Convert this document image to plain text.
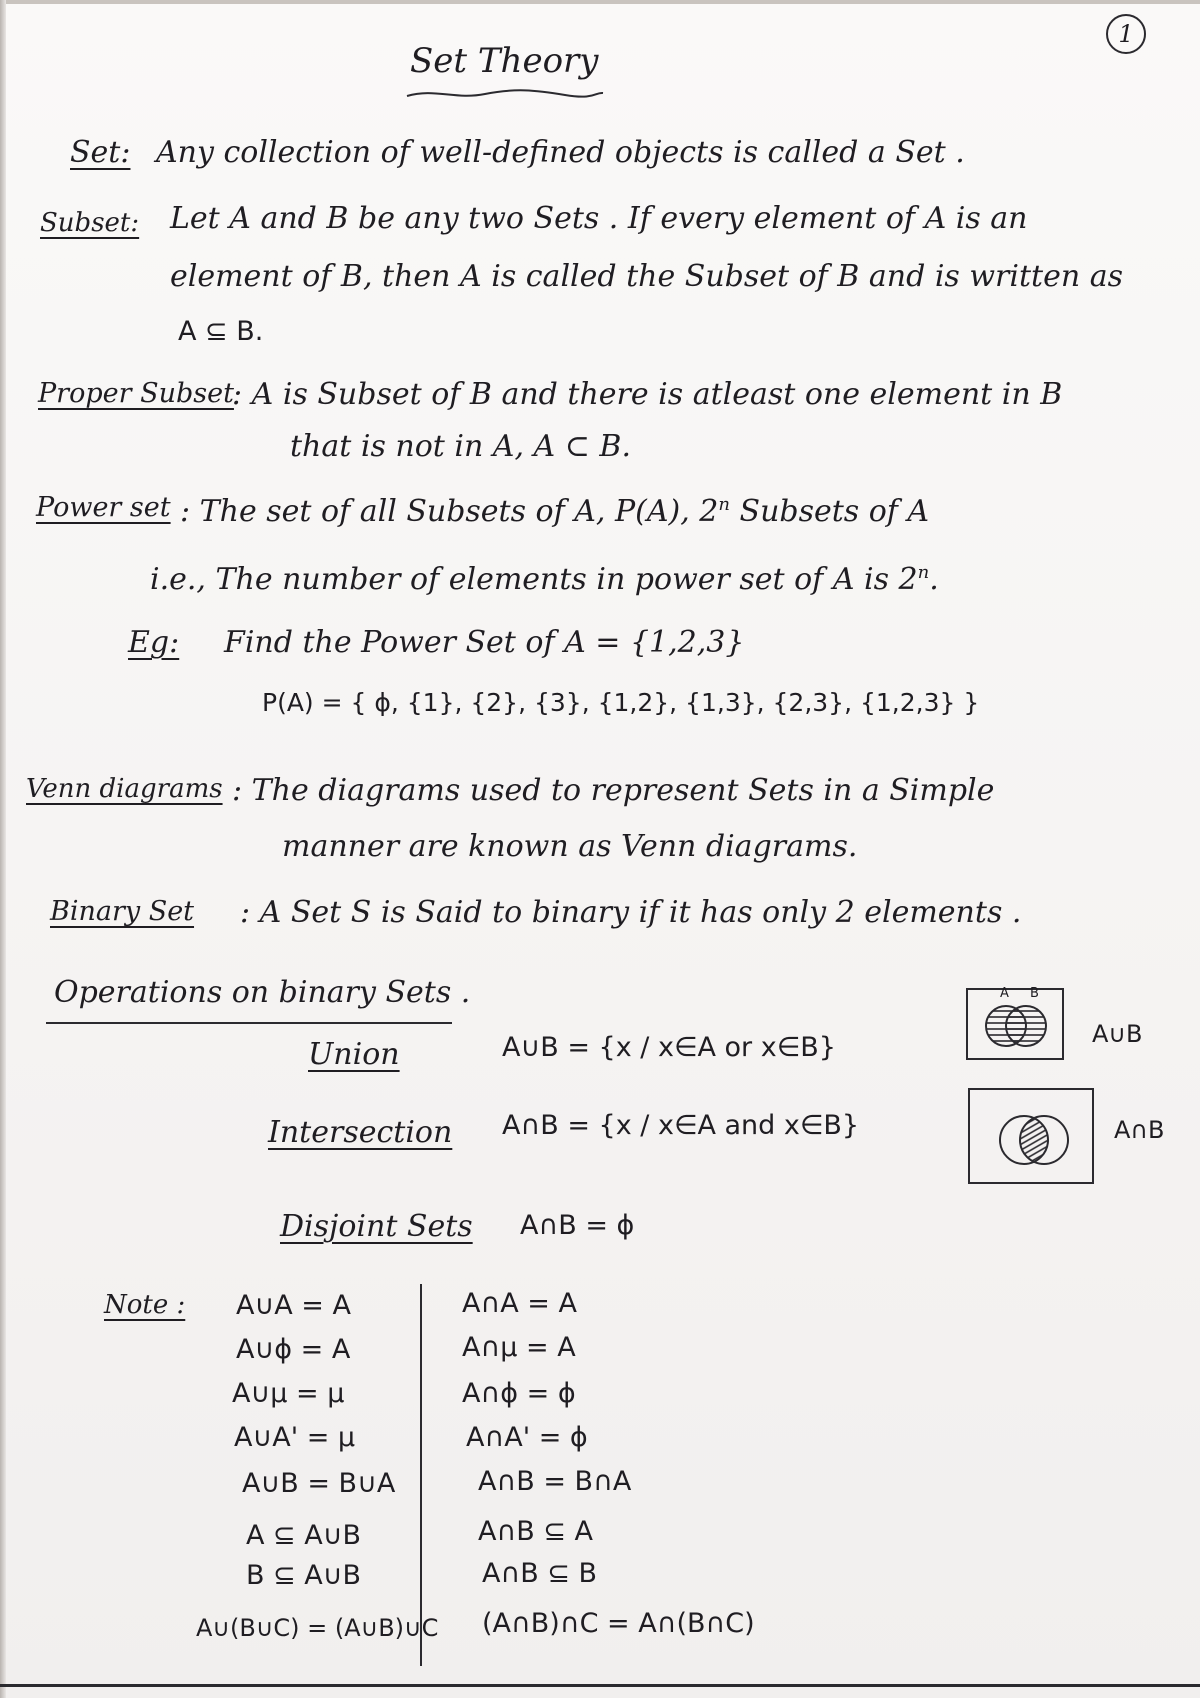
1
Set Theory
Set: Any collection of well-defined objects is called a Set .
Subset: Let A and B be any two Sets . If every element of A is an
element of B, then A is called the Subset of B and is written as
A ⊆ B.
Proper Subset
: A is Subset of B and there is atleast one element in B
that is not in A, A ⊂ B.
Power set : The set of all Subsets of A, P(A), 2$^n$ Subsets of A
i.e., The number of elements in power set of A is 2$^n$.
Eg: Find the Power Set of A = {1,2,3}
P(A) = { ϕ, {1}, {2}, {3}, {1,2}, {1,3}, {2,3}, {1,2,3} }
Venn diagrams : The diagrams used to represent Sets in a Simple
manner are known as Venn diagrams.
Binary Set : A Set S is Said to binary if it has only 2 elements .
Operations on binary Sets .
Union	A∪B = {x / x∈A or x∈B}
A B
A∪B
Intersection A∩B = {x / x∈A and x∈B}	A∩B
Disjoint Sets A∩B = ϕ
Note : A∪A = A
A∪ϕ = A
A∪μ = μ
A∪A' = μ
A∪B = B∪A
A ⊆ A∪B
B ⊆ A∪B
A∪(B∪C) = (A∪B)∪C
A∩A = A
A∩μ = A
A∩ϕ = ϕ
A∩A' = ϕ
A∩B = B∩A
A∩B ⊆ A
A∩B ⊆ B
(A∩B)∩C = A∩(B∩C)
